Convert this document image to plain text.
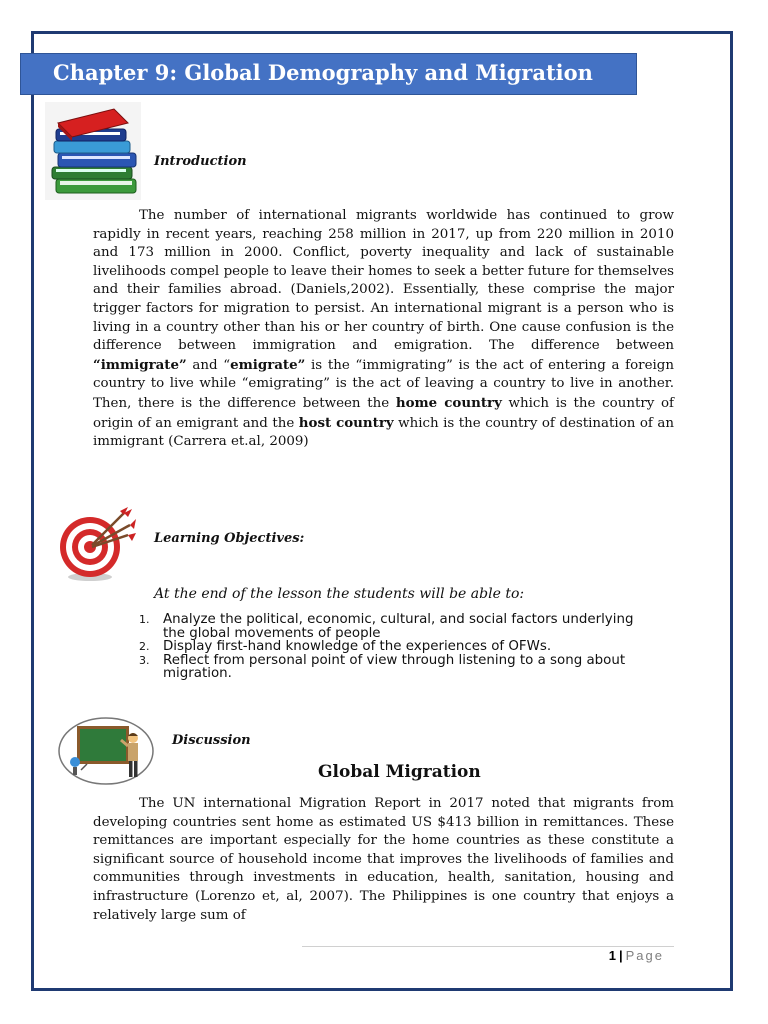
Chapter 9: Global Demography and Migration
Introduction

The number of international migrants worldwide has continued to grow rapidly in recent years, reaching 258 million in 2017, up from 220 million in 2010 and 173 million in 2000. Conflict, poverty inequality and lack of sustainable livelihoods compel people to leave their homes to seek a better future for themselves and their families abroad. (Daniels,2002). Essentially, these comprise the major trigger factors for migration to persist. An international migrant is a person who is living in a country other than his or her country of birth. One cause confusion is the difference between immigration and emigration. The difference between “immigrate” and “emigrate” is the “immigrating” is the act of entering a foreign country to live while “emigrating” is the act of leaving a country to live in another. Then, there is the difference between the home country which is the country of origin of an emigrant and the host country which is the country of destination of an immigrant (Carrera et.al, 2009)

Learning Objectives:
At the end of the lesson the students will be able to:
1. Analyze the political, economic, cultural, and social factors underlying the global movements of people
2. Display first-hand knowledge of the experiences of OFWs.
3. Reflect from personal point of view through listening to a song about migration.
Discussion
Global Migration

The UN international Migration Report in 2017 noted that migrants from developing countries sent home as estimated US $413 billion in remittances. These remittances are important especially for the home countries as these constitute a significant source of household income that improves the livelihoods of families and communities through investments in education, health, sanitation, housing and infrastructure (Lorenzo et, al, 2007). The Philippines is one country that enjoys a relatively large sum of

1 | Page
